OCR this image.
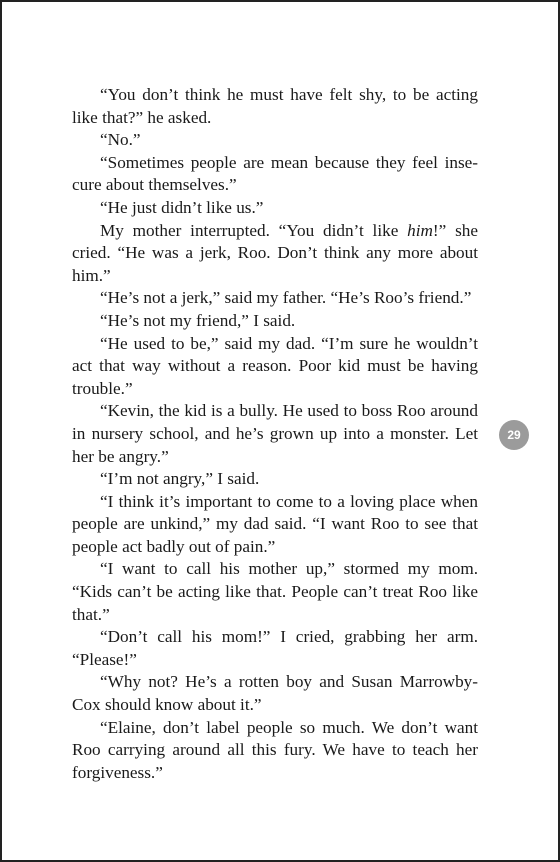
“You don’t think he must have felt shy, to be acting like that?” he asked.

“No.”

“Sometimes people are mean because they feel inse-cure about themselves.”

“He just didn’t like us.”

My mother interrupted. “You didn’t like him!” she cried. “He was a jerk, Roo. Don’t think any more about him.”

“He’s not a jerk,” said my father. “He’s Roo’s friend.”

“He’s not my friend,” I said.

“He used to be,” said my dad. “I’m sure he wouldn’t act that way without a reason. Poor kid must be having trouble.”

“Kevin, the kid is a bully. He used to boss Roo around in nursery school, and he’s grown up into a monster. Let her be angry.”

“I’m not angry,” I said.

“I think it’s important to come to a loving place when people are unkind,” my dad said. “I want Roo to see that people act badly out of pain.”

“I want to call his mother up,” stormed my mom. “Kids can’t be acting like that. People can’t treat Roo like that.”

“Don’t call his mom!” I cried, grabbing her arm. “Please!”

“Why not? He’s a rotten boy and Susan Marrowby-Cox should know about it.”

“Elaine, don’t label people so much. We don’t want Roo carrying around all this fury. We have to teach her forgiveness.”

29
